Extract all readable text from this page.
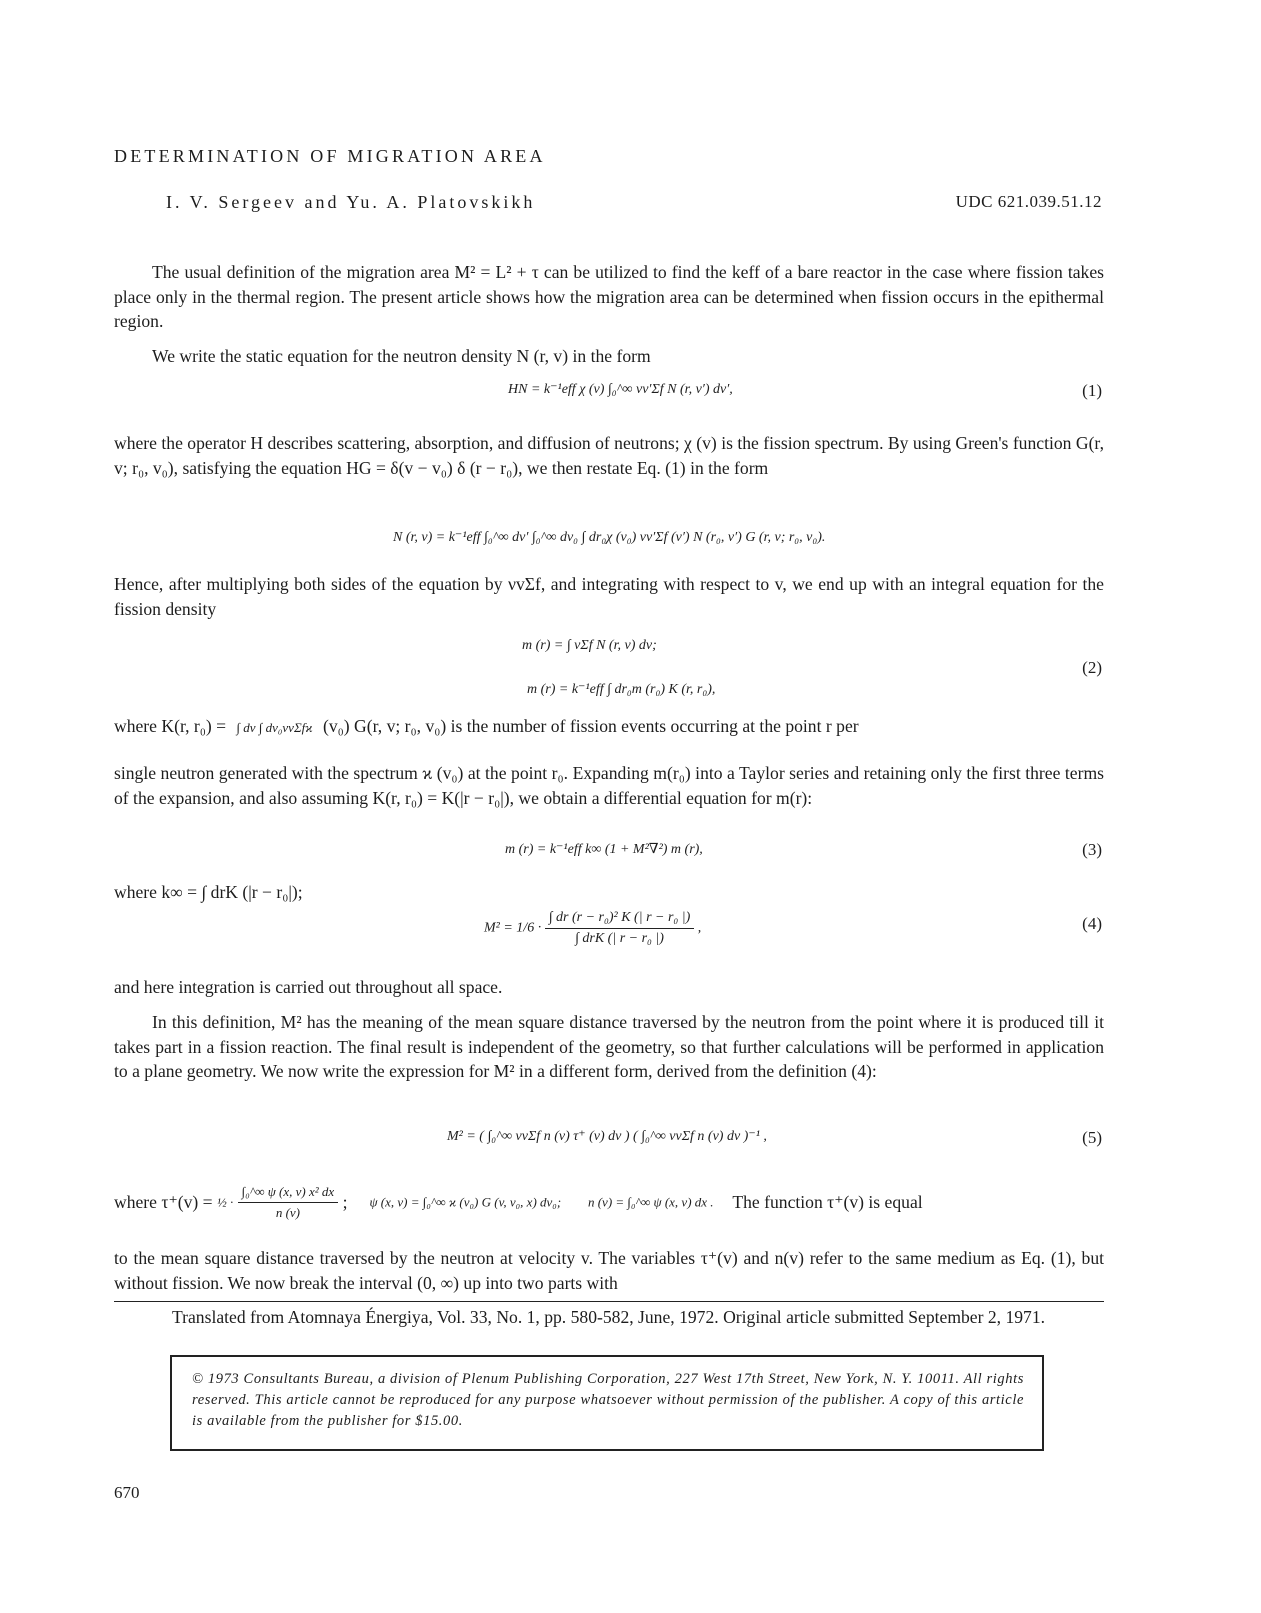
DETERMINATION OF MIGRATION AREA
I. V. Sergeev and Yu. A. Platovskikh	UDC 621.039.51.12

The usual definition of the migration area M² = L² + τ can be utilized to find the keff of a bare reactor in the case where fission takes place only in the thermal region. The present article shows how the migration area can be determined when fission occurs in the epithermal region.

We write the static equation for the neutron density N (r, v) in the form

HN = k⁻¹eff χ (v) ∫₀^∞ νv′Σf N (r, v′) dv′,	(1)

where the operator H describes scattering, absorption, and diffusion of neutrons; χ (v) is the fission spectrum. By using Green's function G(r, v; r₀, v₀), satisfying the equation HG = δ(v − v₀) δ (r − r₀), we then restate Eq. (1) in the form

N (r, v) = k⁻¹eff ∫₀^∞ dv′ ∫₀^∞ dv₀ ∫ dr₀χ (v₀) νv′Σf (v′) N (r₀, v′) G (r, v; r₀, v₀).

Hence, after multiplying both sides of the equation by νvΣf, and integrating with respect to v, we end up with an integral equation for the fission density

m (r) = ∫ νΣf N (r, v) dv;
m (r) = k⁻¹eff ∫ dr₀m (r₀) K (r, r₀),
(2)
where K(r, r₀) = ∫ dv ∫ dv₀νvΣfϰ (v₀) G(r, v; r₀, v₀) is the number of fission events occurring at the point r per

single neutron generated with the spectrum ϰ (v₀) at the point r₀. Expanding m(r₀) into a Taylor series and retaining only the first three terms of the expansion, and also assuming K(r, r₀) = K(|r − r₀|), we obtain a differential equation for m(r):

m (r) = k⁻¹eff k∞ (1 + M²∇²) m (r),	(3)
where k∞ = ∫ drK (|r − r₀|);
$M^2 = 1/6 \cdot \frac{\text{∫ dr (r − r₀)² K (| r − r₀ |)}}{\text{∫ drK (| r − r₀ |)}}$ ,	(4)

and here integration is carried out throughout all space.

In this definition, M² has the meaning of the mean square distance traversed by the neutron from the point where it is produced till it takes part in a fission reaction. The final result is independent of the geometry, so that further calculations will be performed in application to a plane geometry. We now write the expression for M² in a different form, derived from the definition (4):

M² = ( ∫₀^∞ νvΣf n (v) τ⁺ (v) dv ) ( ∫₀^∞ νvΣf n (v) dv )⁻¹ ,	(5)
where τ⁺(v) = ½ · $\frac{\text{∫₀\textasciicircum{}∞ ψ (x, v) x² dx}}{n (v)}$ ;     ψ (x, v) = ∫₀^∞ ϰ (v₀) G (v, v₀, x) dv₀; n (v) = ∫₀^∞ ψ (x, v) dx . The function τ⁺(v) is equal

to the mean square distance traversed by the neutron at velocity v. The variables τ⁺(v) and n(v) refer to the same medium as Eq. (1), but without fission. We now break the interval (0, ∞) up into two parts with

Translated from Atomnaya Énergiya, Vol. 33, No. 1, pp. 580-582, June, 1972. Original article submitted September 2, 1971.

© 1973 Consultants Bureau, a division of Plenum Publishing Corporation, 227 West 17th Street, New York, N. Y. 10011. All rights reserved. This article cannot be reproduced for any purpose whatsoever without permission of the publisher. A copy of this article is available from the publisher for $15.00.

670
